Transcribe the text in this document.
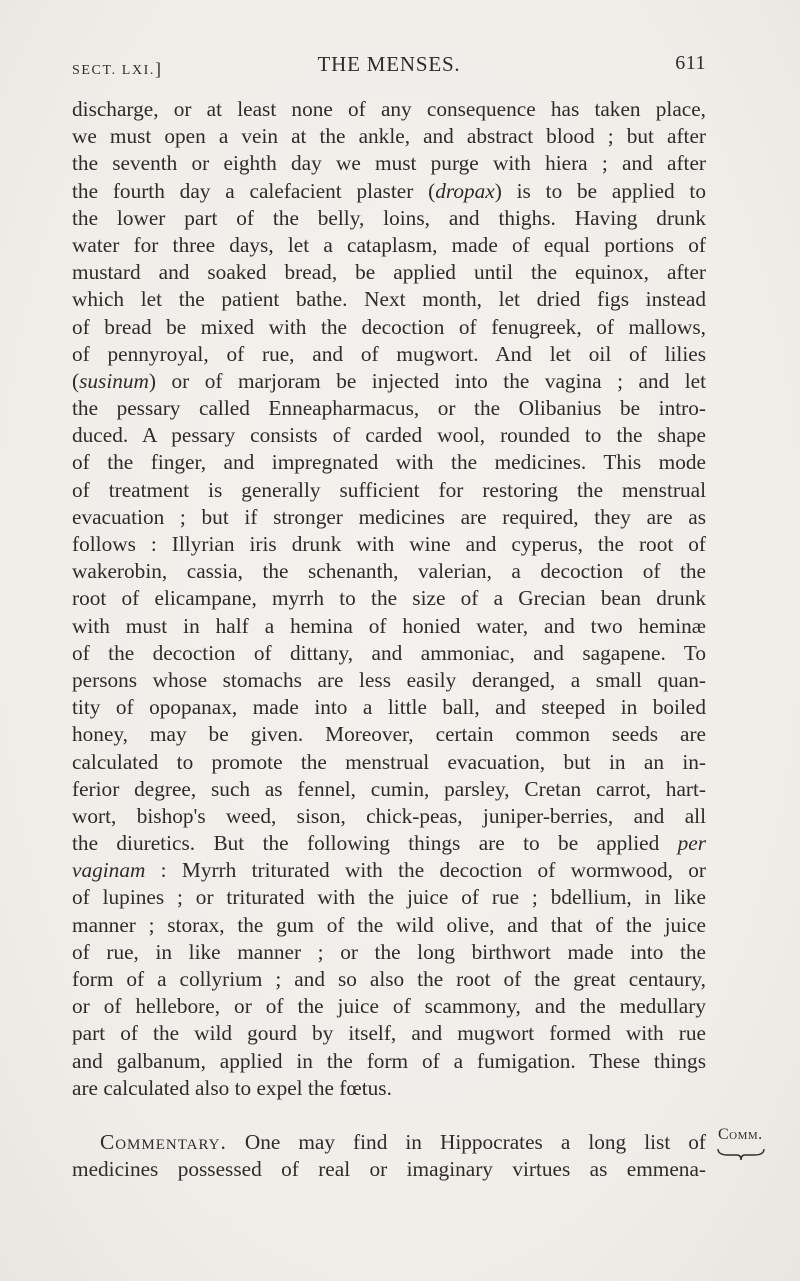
SECT. LXI.]	THE MENSES.	611
discharge, or at least none of any consequence has taken place,
we must open a vein at the ankle, and abstract blood ; but after
the seventh or eighth day we must purge with hiera ; and after
the fourth day a calefacient plaster (dropax) is to be applied to
the lower part of the belly, loins, and thighs. Having drunk
water for three days, let a cataplasm, made of equal portions of
mustard and soaked bread, be applied until the equinox, after
which let the patient bathe. Next month, let dried figs instead
of bread be mixed with the decoction of fenugreek, of mallows,
of pennyroyal, of rue, and of mugwort. And let oil of lilies
(susinum) or of marjoram be injected into the vagina ; and let
the pessary called Enneapharmacus, or the Olibanius be intro-
duced. A pessary consists of carded wool, rounded to the shape
of the finger, and impregnated with the medicines. This mode
of treatment is generally sufficient for restoring the menstrual
evacuation ; but if stronger medicines are required, they are as
follows : Illyrian iris drunk with wine and cyperus, the root of
wakerobin, cassia, the schenanth, valerian, a decoction of the
root of elicampane, myrrh to the size of a Grecian bean drunk
with must in half a hemina of honied water, and two heminæ
of the decoction of dittany, and ammoniac, and sagapene. To
persons whose stomachs are less easily deranged, a small quan-
tity of opopanax, made into a little ball, and steeped in boiled
honey, may be given. Moreover, certain common seeds are
calculated to promote the menstrual evacuation, but in an in-
ferior degree, such as fennel, cumin, parsley, Cretan carrot, hart-
wort, bishop's weed, sison, chick-peas, juniper-berries, and all
the diuretics. But the following things are to be applied per
vaginam : Myrrh triturated with the decoction of wormwood, or
of lupines ; or triturated with the juice of rue ; bdellium, in like
manner ; storax, the gum of the wild olive, and that of the juice
of rue, in like manner ; or the long birthwort made into the
form of a collyrium ; and so also the root of the great centaury,
or of hellebore, or of the juice of scammony, and the medullary
part of the wild gourd by itself, and mugwort formed with rue
and galbanum, applied in the form of a fumigation. These things
are calculated also to expel the fœtus.
Commentary. One may find in Hippocrates a long list of
medicines possessed of real or imaginary virtues as emmena-
Comm.
